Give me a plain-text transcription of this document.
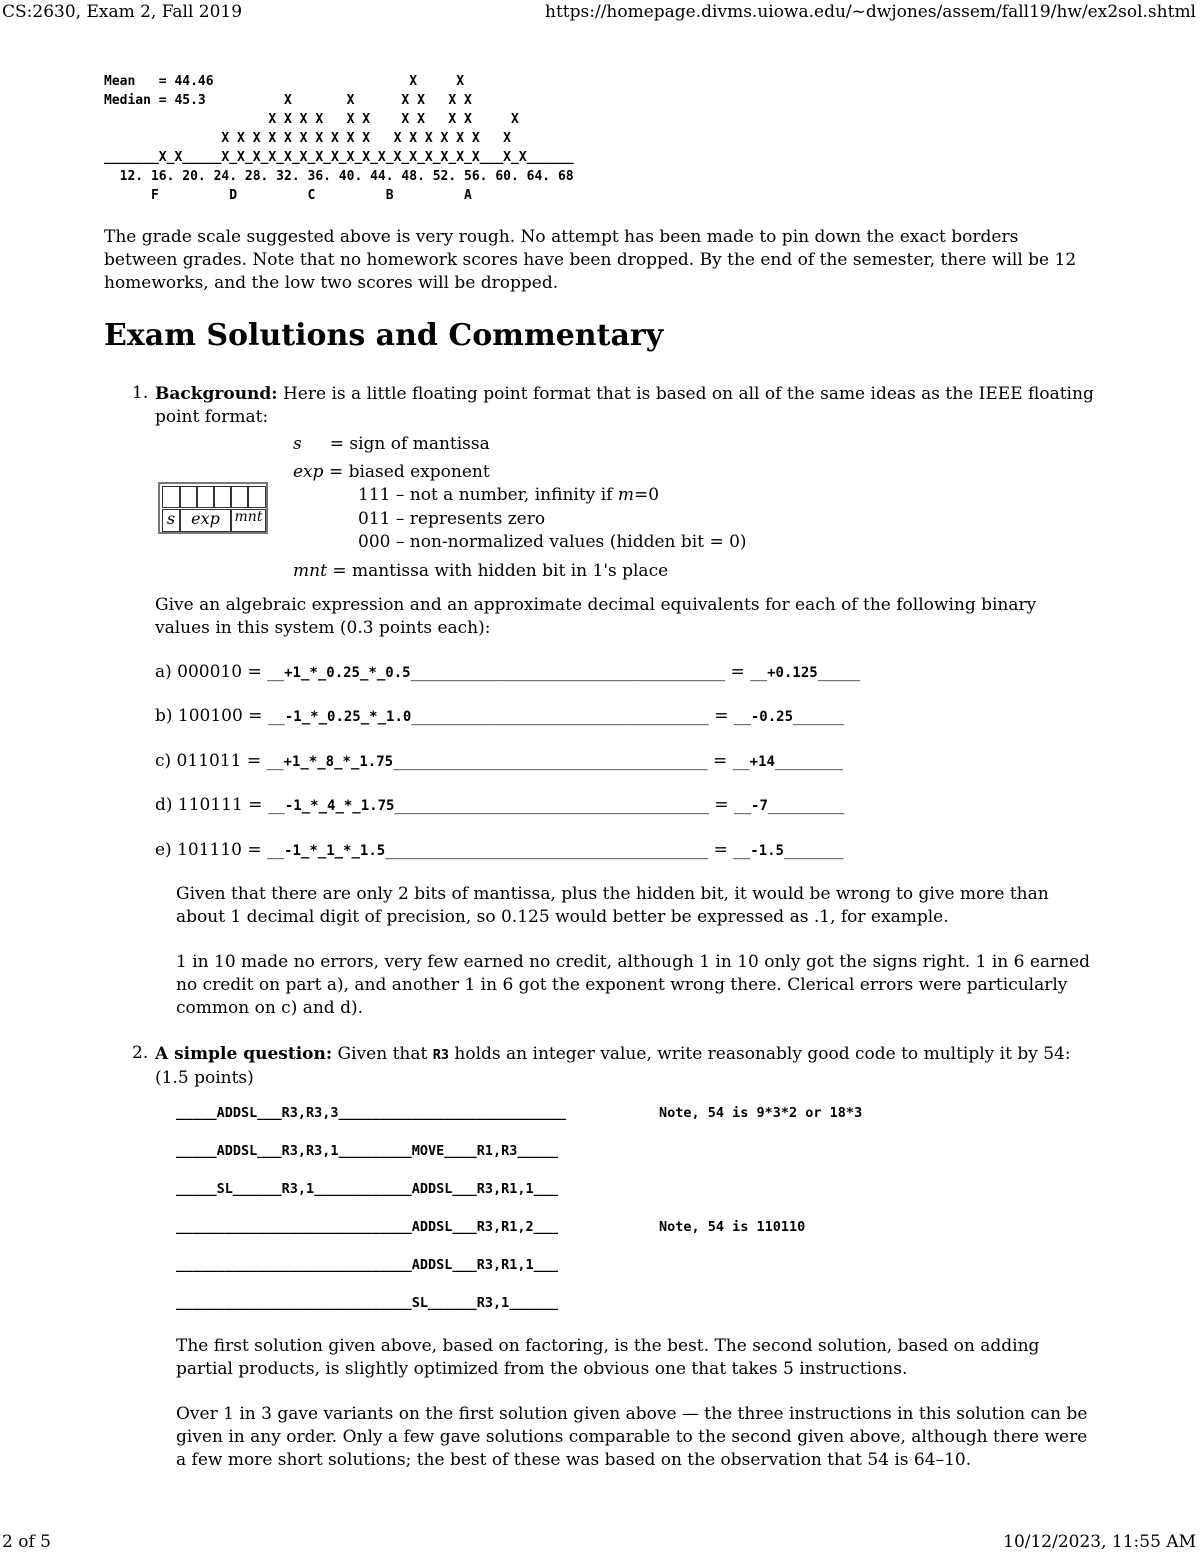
CS:2630, Exam 2, Fall 2019	https://homepage.divms.uiowa.edu/~dwjones/assem/fall19/hw/ex2sol.shtml
Mean   = 44.46                         X     X
Median = 45.3          X       X      X X   X X
X X X X   X X    X X   X X     X
X X X X X X X X X X   X X X X X X   X
_______X_X_____X_X_X_X_X_X_X_X_X_X_X_X_X_X_X_X_X___X_X______
12. 16. 20. 24. 28. 32. 36. 40. 44. 48. 52. 56. 60. 64. 68
F         D         C         B         A
The grade scale suggested above is very rough. No attempt has been made to pin down the exact borders between grades. Note that no homework scores have been dropped. By the end of the semester, there will be 12 homeworks, and the low two scores will be dropped.
Exam Solutions and Commentary
1. Background: Here is a little floating point format that is based on all of the same ideas as the IEEE floating point format:
s	exp	mnt
s = sign of mantissa
exp = biased exponent
111 – not a number, infinity if m=0
011 – represents zero
000 – non-normalized values (hidden bit = 0)
mnt = mantissa with hidden bit in 1's place
Give an algebraic expression and an approximate decimal equivalents for each of the following binary values in this system (0.3 points each):
a) 000010 = __+1_*_0.25_*_0.5_____________________________________ = __+0.125_____
b) 100100 = __-1_*_0.25_*_1.0___________________________________ = __-0.25______
c) 011011 = __+1_*_8_*_1.75_____________________________________ = __+14________
d) 110111 = __-1_*_4_*_1.75_____________________________________ = __-7_________
e) 101110 = __-1_*_1_*_1.5______________________________________ = __-1.5_______
Given that there are only 2 bits of mantissa, plus the hidden bit, it would be wrong to give more than about 1 decimal digit of precision, so 0.125 would better be expressed as .1, for example.
1 in 10 made no errors, very few earned no credit, although 1 in 10 only got the signs right. 1 in 6 earned no credit on part a), and another 1 in 6 got the exponent wrong there. Clerical errors were particularly common on c) and d).
2. A simple question: Given that R3 holds an integer value, write reasonably good code to multiply it by 54: (1.5 points)
_____ADDSL___R3,R3,3____________________________	Note, 54 is 9*3*2 or 18*3
_____ADDSL___R3,R3,1_________MOVE____R1,R3_____
_____SL______R3,1____________ADDSL___R3,R1,1___
_____________________________ADDSL___R3,R1,2___	Note, 54 is 110110
_____________________________ADDSL___R3,R1,1___
_____________________________SL______R3,1______
The first solution given above, based on factoring, is the best. The second solution, based on adding partial products, is slightly optimized from the obvious one that takes 5 instructions.
Over 1 in 3 gave variants on the first solution given above — the three instructions in this solution can be given in any order. Only a few gave solutions comparable to the second given above, although there were a few more short solutions; the best of these was based on the observation that 54 is 64–10.
2 of 5	10/12/2023, 11:55 AM
